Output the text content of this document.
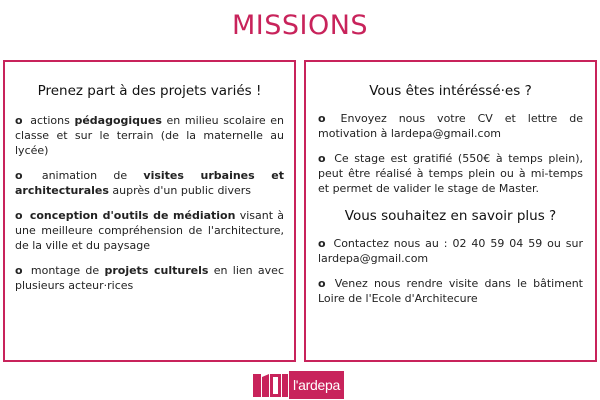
MISSIONS
Prenez part à des projets variés !
o actions pédagogiques en milieu scolaire en classe et sur le terrain (de la maternelle au lycée)
o animation de visites urbaines et architecturales auprès d'un public divers
o conception d'outils de médiation visant à une meilleure compréhension de l'architecture, de la ville et du paysage
o montage de projets culturels en lien avec plusieurs acteur·rices
Vous êtes intéréssé·es ?
o Envoyez nous votre CV et lettre de motivation à lardepa@gmail.com
o Ce stage est gratifié (550€ à temps plein), peut être réalisé à temps plein ou à mi-temps et permet de valider le stage de Master.
Vous souhaitez en savoir plus ?
o Contactez nous au : 02 40 59 04 59 ou sur lardepa@gmail.com
o Venez nous rendre visite dans le bâtiment Loire de l'Ecole d'Architecure
l'ardepa
